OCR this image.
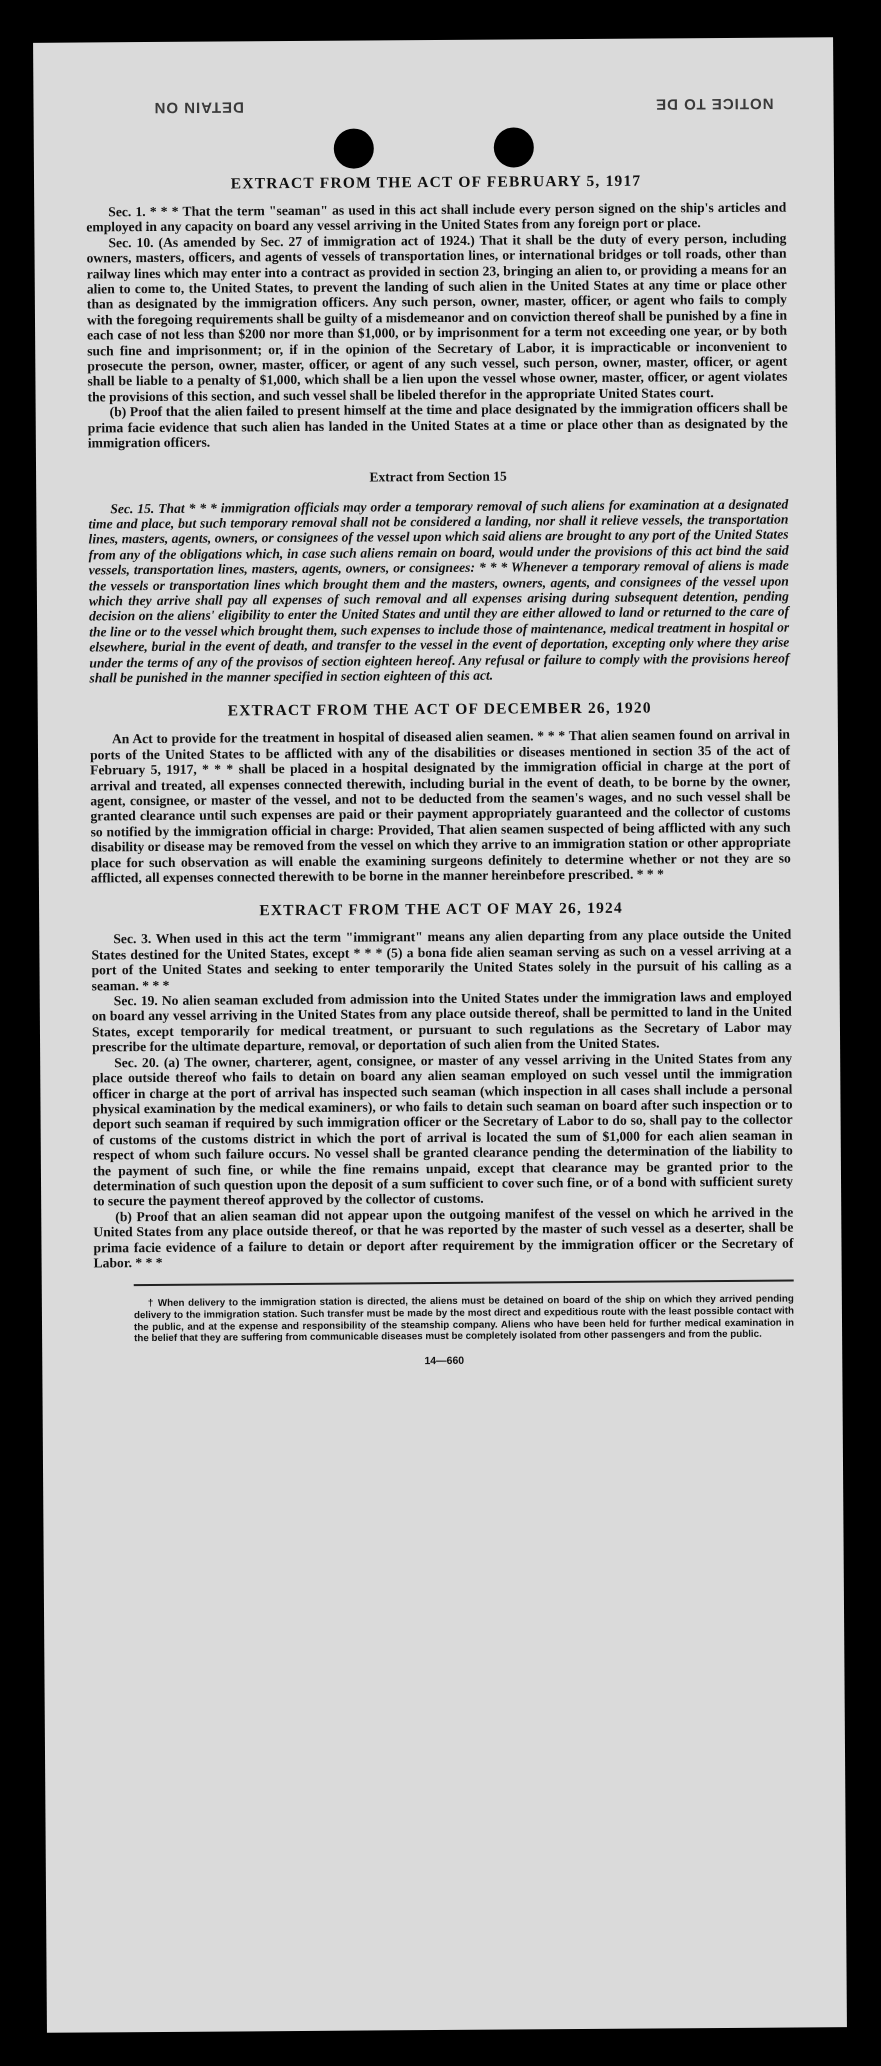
NOTICE TO DE
DETAIN ON
EXTRACT FROM THE ACT OF FEBRUARY 5, 1917

Sec. 1. * * * That the term "seaman" as used in this act shall include every person signed on the ship's articles and employed in any capacity on board any vessel arriving in the United States from any foreign port or place.

Sec. 10. (As amended by Sec. 27 of immigration act of 1924.) That it shall be the duty of every person, including owners, masters, officers, and agents of vessels of transportation lines, or international bridges or toll roads, other than railway lines which may enter into a contract as provided in section 23, bringing an alien to, or providing a means for an alien to come to, the United States, to prevent the landing of such alien in the United States at any time or place other than as designated by the immigration officers. Any such person, owner, master, officer, or agent who fails to comply with the foregoing requirements shall be guilty of a misdemeanor and on conviction thereof shall be punished by a fine in each case of not less than $200 nor more than $1,000, or by imprisonment for a term not exceeding one year, or by both such fine and imprisonment; or, if in the opinion of the Secretary of Labor, it is impracticable or inconvenient to prosecute the person, owner, master, officer, or agent of any such vessel, such person, owner, master, officer, or agent shall be liable to a penalty of $1,000, which shall be a lien upon the vessel whose owner, master, officer, or agent violates the provisions of this section, and such vessel shall be libeled therefor in the appropriate United States court.

(b) Proof that the alien failed to present himself at the time and place designated by the immigration officers shall be prima facie evidence that such alien has landed in the United States at a time or place other than as designated by the immigration officers.

Extract from Section 15

Sec. 15. That * * * immigration officials may order a temporary removal of such aliens for examination at a designated time and place, but such temporary removal shall not be considered a landing, nor shall it relieve vessels, the transportation lines, masters, agents, owners, or consignees of the vessel upon which said aliens are brought to any port of the United States from any of the obligations which, in case such aliens remain on board, would under the provisions of this act bind the said vessels, transportation lines, masters, agents, owners, or consignees: * * * Whenever a temporary removal of aliens is made the vessels or transportation lines which brought them and the masters, owners, agents, and consignees of the vessel upon which they arrive shall pay all expenses of such removal and all expenses arising during subsequent detention, pending decision on the aliens' eligibility to enter the United States and until they are either allowed to land or returned to the care of the line or to the vessel which brought them, such expenses to include those of maintenance, medical treatment in hospital or elsewhere, burial in the event of death, and transfer to the vessel in the event of deportation, excepting only where they arise under the terms of any of the provisos of section eighteen hereof. Any refusal or failure to comply with the provisions hereof shall be punished in the manner specified in section eighteen of this act.

EXTRACT FROM THE ACT OF DECEMBER 26, 1920

An Act to provide for the treatment in hospital of diseased alien seamen. * * * That alien seamen found on arrival in ports of the United States to be afflicted with any of the disabilities or diseases mentioned in section 35 of the act of February 5, 1917, * * * shall be placed in a hospital designated by the immigration official in charge at the port of arrival and treated, all expenses connected therewith, including burial in the event of death, to be borne by the owner, agent, consignee, or master of the vessel, and not to be deducted from the seamen's wages, and no such vessel shall be granted clearance until such expenses are paid or their payment appropriately guaranteed and the collector of customs so notified by the immigration official in charge: Provided, That alien seamen suspected of being afflicted with any such disability or disease may be removed from the vessel on which they arrive to an immigration station or other appropriate place for such observation as will enable the examining surgeons definitely to determine whether or not they are so afflicted, all expenses connected therewith to be borne in the manner hereinbefore prescribed. * * *

EXTRACT FROM THE ACT OF MAY 26, 1924

Sec. 3. When used in this act the term "immigrant" means any alien departing from any place outside the United States destined for the United States, except * * * (5) a bona fide alien seaman serving as such on a vessel arriving at a port of the United States and seeking to enter temporarily the United States solely in the pursuit of his calling as a seaman. * * *

Sec. 19. No alien seaman excluded from admission into the United States under the immigration laws and employed on board any vessel arriving in the United States from any place outside thereof, shall be permitted to land in the United States, except temporarily for medical treatment, or pursuant to such regulations as the Secretary of Labor may prescribe for the ultimate departure, removal, or deportation of such alien from the United States.

Sec. 20. (a) The owner, charterer, agent, consignee, or master of any vessel arriving in the United States from any place outside thereof who fails to detain on board any alien seaman employed on such vessel until the immigration officer in charge at the port of arrival has inspected such seaman (which inspection in all cases shall include a personal physical examination by the medical examiners), or who fails to detain such seaman on board after such inspection or to deport such seaman if required by such immigration officer or the Secretary of Labor to do so, shall pay to the collector of customs of the customs district in which the port of arrival is located the sum of $1,000 for each alien seaman in respect of whom such failure occurs. No vessel shall be granted clearance pending the determination of the liability to the payment of such fine, or while the fine remains unpaid, except that clearance may be granted prior to the determination of such question upon the deposit of a sum sufficient to cover such fine, or of a bond with sufficient surety to secure the payment thereof approved by the collector of customs.

(b) Proof that an alien seaman did not appear upon the outgoing manifest of the vessel on which he arrived in the United States from any place outside thereof, or that he was reported by the master of such vessel as a deserter, shall be prima facie evidence of a failure to detain or deport after requirement by the immigration officer or the Secretary of Labor. * * *

† When delivery to the immigration station is directed, the aliens must be detained on board of the ship on which they arrived pending delivery to the immigration station. Such transfer must be made by the most direct and expeditious route with the least possible contact with the public, and at the expense and responsibility of the steamship company. Aliens who have been held for further medical examination in the belief that they are suffering from communicable diseases must be completely isolated from other passengers and from the public.
14—660
